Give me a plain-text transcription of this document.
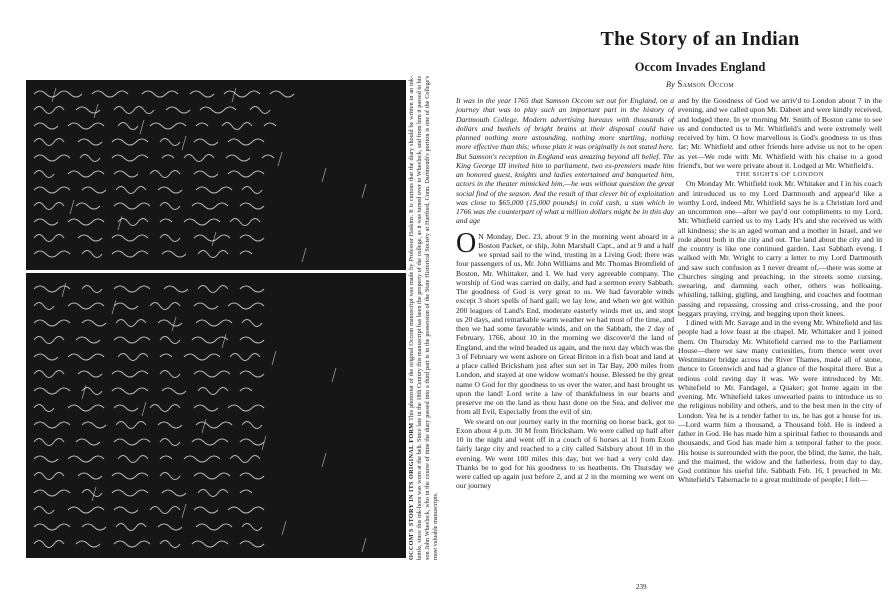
OCCOM'S STORY IN ITS ORIGINAL FORM This photostat of the original Occom manuscript was made by Professor Haskins. It is curious that the diary should be written in an ink-bottle, since this ink-horn was worn at the belt. Since late in the 18th Century this manuscript has been the property of the college, as it was turned over to Wheelock, and from him it passed to his son John Wheelock, who in the course of time the diary passed into a third part is in the possession of the State Historical Society at Hartford, Conn. Dartmouth's portion is one of the College's most valuable manuscripts.
The Story of an Indian
Occom Invades England
By Samson Occom

It was in the year 1765 that Samson Occom set out for England, on a journey that was to play such an important part in the history of Dartmouth College. Modern advertising bureaus with thousands of dollars and bushels of bright brains at their disposal could have planned nothing more astounding, nothing more startling, nothing more effective than this; whose plan it was originally is not stated here. But Samson's reception in England was amazing beyond all belief. The King George III invited him to parliament, two ex-premiers made him an honored guest, knights and ladies entertained and banqueted him, actors in the theater mimicked him,—he was without question the great social find of the season. And the result of that clever bit of exploitation was close to $65,000 (15,000 pounds) in cold cash, a sum which in 1766 was the counterpart of what a million dollars might be in this day and age

O N Monday, Dec. 23, about 9 in the morning went aboard in a Boston Packet, or ship, John Marshall Capt., and at 9 and a half we spread sail to the wind, trusting in a Living God; there was four passengers of us, Mr. John Williams and Mr. Thomas Bromfield of Boston, Mr. Whittaker, and I. We had very agreeable company. The worship of God was carried on daily, and had a sermon every Sabbath. The goodness of God is very great to us. We had favorable winds except 3 short spells of hard gail; we lay low, and when we got within 200 leagues of Land's End, moderate easterly winds met us, and stopt us 20 days, and remarkable warm weather we had most of the time, and then we had some favorable winds, and on the Sabbath, the 2 day of February, 1766, about 10 in the morning we discover'd the land of England, and the wind headed us again, and the next day which was the 3 of February we went ashore on Great Briton in a fish boat and land at a place called Bricksham just after sun set in Tar Bay, 200 miles from London, and stayed at one widow woman's house. Blessed be thy great name O God for thy goodness to us over the water, and hast brought us upon the land! Lord write a law of thankfulness in our hearts and preserve me on the land as thou hast done on the Sea, and deliver me from all Evil, Especially from the evil of sin.

We sward on our journey early in the morning on horse back, got to Exon about 4 p.m. 30 M from Bricksham. We were called up half after 10 in the night and went off in a couch of 6 horses at 11 from Exon fairly large city and reached to a city called Salsbury about 10 in the evening. We went 100 miles this day, but we had a very cold day. Thanks be to god for his goodness to us heathents. On Thursday we were called up again just before 2, and at 2 in the morning we went on our journey

and by the Goodness of God we arriv'd to London about 7 in the evening, and we called upon Mr. Dabeet and were kindly received, and lodged there. In ye morning Mr. Smith of Boston came to see us and conducted us to Mr. Whitfield's and were extremely well received by him. O how marvellous is God's goodness to us thus far; Mr. Whitfield and other friends here advise us not to be open as yet—We rode with Mr. Whitfield with his chaise to a good friend's, but we were private about it. Lodged at Mr. Whitfield's.

THE SIGHTS OF LONDON

On Monday Mr. Whitfield took Mr. Whitaker and I in his coach and introduced us to my Lord Dartmouth and appear'd like a worthy Lord, indeed Mr. Whitfield says he is a Christian lord and an uncommon one—after we pay'd our compliments to my Lord, Mr. Whitfield carried us to my Lady H's and she received us with all kindness; she is an aged woman and a mother in Israel, and we rode about both in the city and out. The land about the city and in the country is like one continued garden. Last Sabbath eveng. I walked with Mr. Wright to carry a letter to my Lord Dartmouth and saw such confusion as I never dreamt of,—there was some at Churches singing and preaching, in the streets some cursing, swearing, and damning each other, others was holloaing, whistling, talking, gigling, and laughing, and coaches and footman passing and repassing, crossing and criss-crossing, and the poor beggars praying, crying, and begging upon their knees.

I dined with Mr. Savage and in the eveng Mr. Whitefield and his people had a love feast at the chapel. Mr. Whittaker and I joined them. On Thursday Mr. Whitefield carried me to the Parliament House—there we saw many curiosities, from thence went over Westminster bridge across the River Thames, made all of stone, thence to Greenwich and had a glance of the hospital there. But a tedious cold raving day it was. We were introduced by Mr. Whitefield to Mr. Fandagel, a Quaker; got home again in the evening. Mr. Whitefield takes unwearied pains to introduce us to the religious nobility and others, and to the best men in the city of London. Yea he is a tender father to us, he has got a house for us.—Lord warm him a thousand, a Thousand fold. He is indeed a father in God. He has made him a spiritual father to thousands and thousands, and God has made him a temporal father to the poor. His house is surrounded with the poor, the blind, the lame, the halt, and the maimed, the widow and the fatherless, from day to day, God continue his useful life. Sabbath Feb. 16, I preached in Mr. Whitefield's Tabernacle to a great multitude of people; I felt—

239
